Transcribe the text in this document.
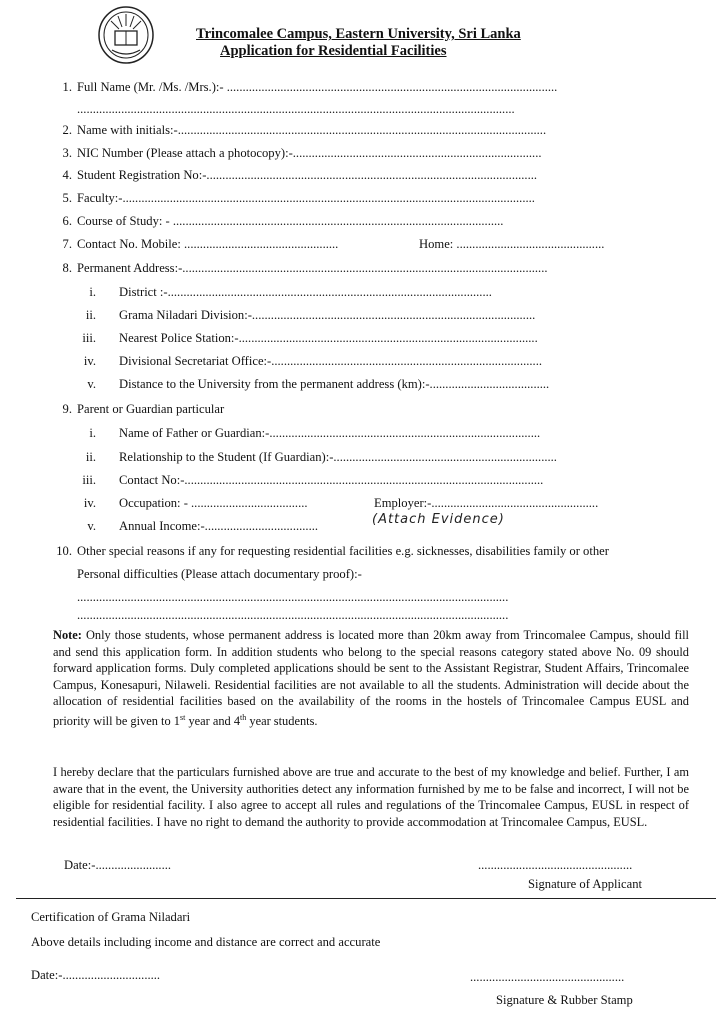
Trincomalee Campus, Eastern University, Sri Lanka
Application for Residential Facilities
1. Full Name (Mr. /Ms. /Mrs.):- .........................................................................................................
...........................................................................................................................................
2. Name with initials:-.....................................................................................................................
3. NIC Number (Please attach a photocopy):-...............................................................................
4. Student Registration No:-.........................................................................................................
5. Faculty:-...................................................................................................................................
6. Course of Study: - .........................................................................................................
7. Contact No. Mobile: .................................................	Home: ...............................................
8. Permanent Address:-....................................................................................................................
i. District :-.......................................................................................................
ii. Grama Niladari Division:-..........................................................................................
iii. Nearest Police Station:-...............................................................................................
iv. Divisional Secretariat Office:-......................................................................................
v. Distance to the University from the permanent address (km):-......................................
9. Parent or Guardian particular
i. Name of Father or Guardian:-......................................................................................
ii. Relationship to the Student (If Guardian):-.......................................................................
iii. Contact No:-..................................................................................................................
iv. Occupation: - .....................................	Employer:-.....................................................
v. Annual Income:-....................................	(Attach Evidence)
10. Other special reasons if any for requesting residential facilities e.g. sicknesses, disabilities family or other
Personal difficulties (Please attach documentary proof):-
.........................................................................................................................................
.........................................................................................................................................
Note: Only those students, whose permanent address is located more than 20km away from Trincomalee Campus, should fill and send this application form. In addition students who belong to the special reasons category stated above No. 09 should forward application forms. Duly completed applications should be sent to the Assistant Registrar, Student Affairs, Trincomalee Campus, Konesapuri, Nilaweli. Residential facilities are not available to all the students. Administration will decide about the allocation of residential facilities based on the availability of the rooms in the hostels of Trincomalee Campus EUSL and priority will be given to 1st year and 4th year students.
I hereby declare that the particulars furnished above are true and accurate to the best of my knowledge and belief. Further, I am aware that in the event, the University authorities detect any information furnished by me to be false and incorrect, I will not be eligible for residential facility. I also agree to accept all rules and regulations of the Trincomalee Campus, EUSL in respect of residential facilities. I have no right to demand the authority to provide accommodation at Trincomalee Campus, EUSL.
Date:-........................	.................................................
Signature of Applicant
Certification of Grama Niladari
Above details including income and distance are correct and accurate
Date:-...............................	.................................................
Signature & Rubber Stamp
